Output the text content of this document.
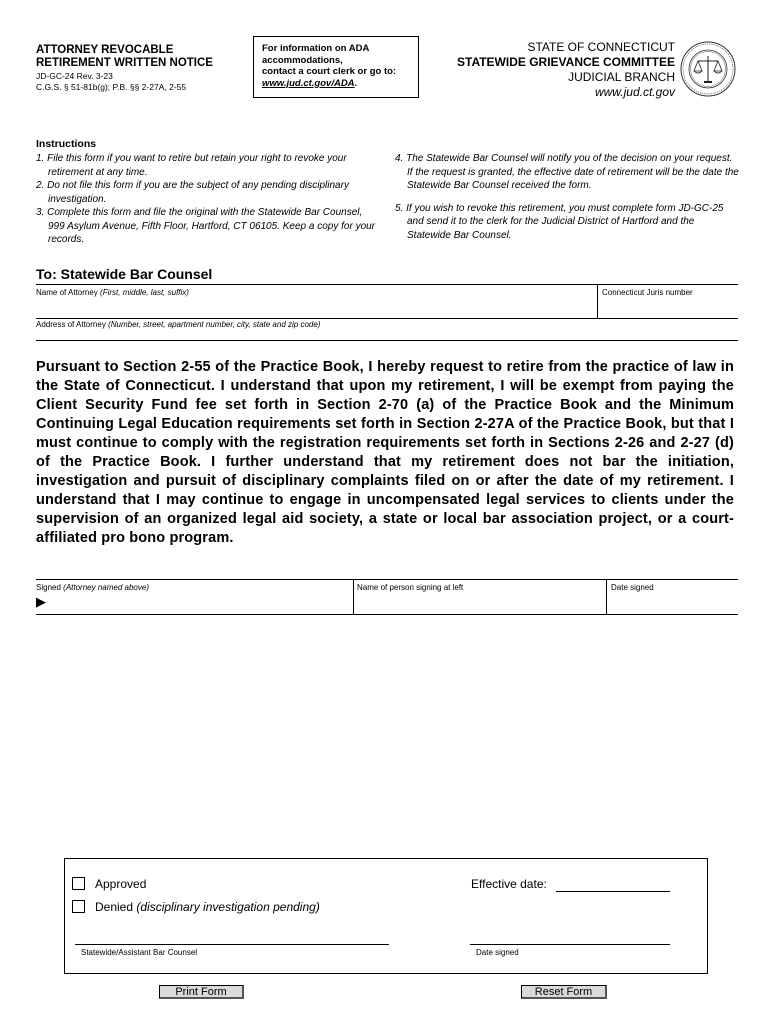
ATTORNEY REVOCABLE
RETIREMENT WRITTEN NOTICE
JD-GC-24 Rev. 3-23
C.G.S. § 51-81b(g); P.B. §§ 2-27A, 2-55
For information on ADA
accommodations,
contact a court clerk or go to:
www.jud.ct.gov/ADA.
STATE OF CONNECTICUT
STATEWIDE GRIEVANCE COMMITTEE
JUDICIAL BRANCH
www.jud.ct.gov
Instructions
1. File this form if you want to retire but retain your right to revoke your retirement at any time.
2. Do not file this form if you are the subject of any pending disciplinary investigation.
3. Complete this form and file the original with the Statewide Bar Counsel, 999 Asylum Avenue, Fifth Floor, Hartford, CT 06105. Keep a copy for your records.
4. The Statewide Bar Counsel will notify you of the decision on your request. If the request is granted, the effective date of retirement will be the date the Statewide Bar Counsel received the form.
5. If you wish to revoke this retirement, you must complete form JD-GC-25 and send it to the clerk for the Judicial District of Hartford and the Statewide Bar Counsel.
To: Statewide Bar Counsel
Name of Attorney (First, middle, last, suffix)	Connecticut Juris number
Address of Attorney (Number, street, apartment number, city, state and zip code)
Pursuant to Section 2-55 of the Practice Book, I hereby request to retire from the practice of law in the State of Connecticut. I understand that upon my retirement, I will be exempt from paying the Client Security Fund fee set forth in Section 2-70 (a) of the Practice Book and the Minimum Continuing Legal Education requirements set forth in Section 2-27A of the Practice Book, but that I must continue to comply with the registration requirements set forth in Sections 2-26 and 2-27 (d) of the Practice Book. I further understand that my retirement does not bar the initiation, investigation and pursuit of disciplinary complaints filed on or after the date of my retirement. I understand that I may continue to engage in uncompensated legal services to clients under the supervision of an organized legal aid society, a state or local bar association project, or a court-affiliated pro bono program.
Signed (Attorney named above)
▶
Name of person signing at left	Date signed
Approved
Denied (disciplinary investigation pending)
Effective date:
Statewide/Assistant Bar Counsel	Date signed
Print Form	Reset Form
